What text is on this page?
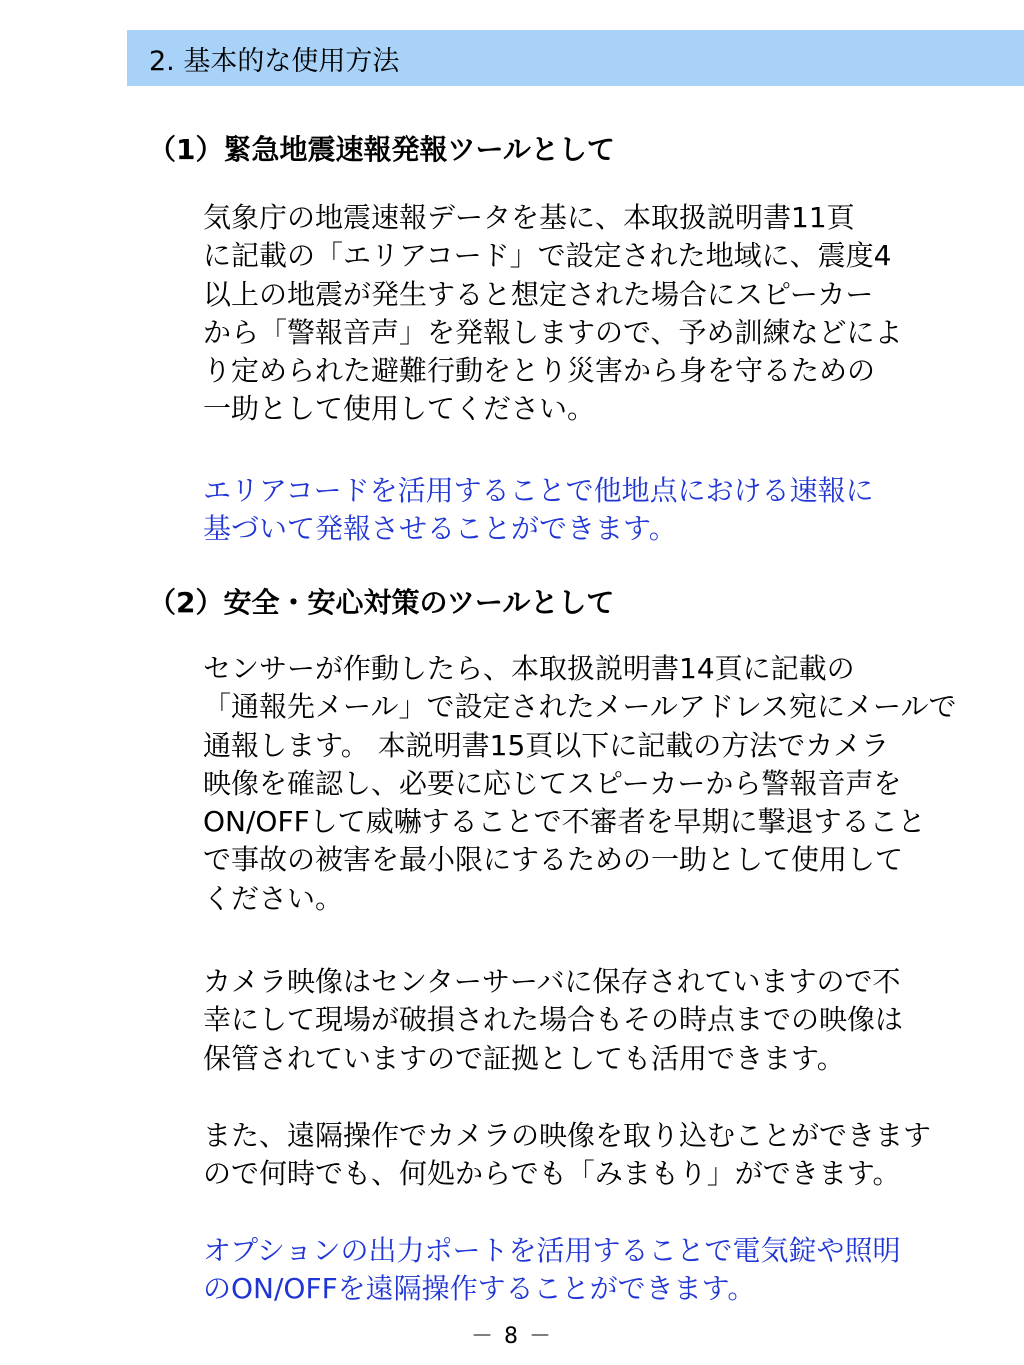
2. 基本的な使用方法
（1）緊急地震速報発報ツールとして
気象庁の地震速報データを基に、本取扱説明書11頁
に記載の「エリアコード」で設定された地域に、震度4
以上の地震が発生すると想定された場合にスピーカー
から「警報音声」を発報しますので、予め訓練などによ
り定められた避難行動をとり災害から身を守るための
一助として使用してください。
エリアコードを活用することで他地点における速報に
基づいて発報させることができます。
（2）安全・安心対策のツールとして
センサーが作動したら、本取扱説明書14頁に記載の
「通報先メール」で設定されたメールアドレス宛にメールで
通報します。 本説明書15頁以下に記載の方法でカメラ
映像を確認し、必要に応じてスピーカーから警報音声を
ON/OFFして威嚇することで不審者を早期に撃退すること
で事故の被害を最小限にするための一助として使用して
ください。
カメラ映像はセンターサーバに保存されていますので不
幸にして現場が破損された場合もその時点までの映像は
保管されていますので証拠としても活用できます。
また、遠隔操作でカメラの映像を取り込むことができます
ので何時でも、何処からでも「みまもり」ができます。
オプションの出力ポートを活用することで電気錠や照明
のON/OFFを遠隔操作することができます。
－ 8 －
